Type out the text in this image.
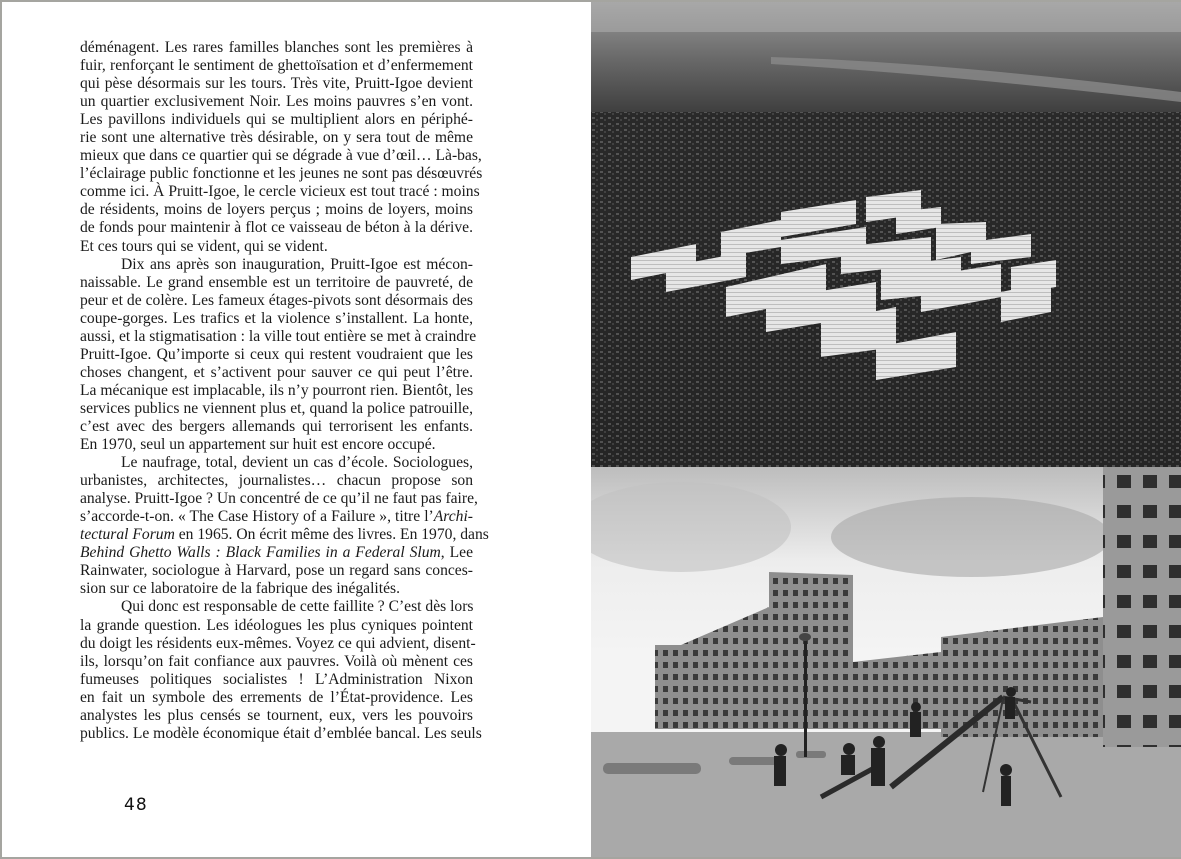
déménagent. Les rares familles blanches sont les premières à
fuir, renforçant le sentiment de ghettoïsation et d’enfermement
qui pèse désormais sur les tours. Très vite, Pruitt-Igoe devient
un quartier exclusivement Noir. Les moins pauvres s’en vont.
Les pavillons individuels qui se multiplient alors en périphé-
rie sont une alternative très désirable, on y sera tout de même
mieux que dans ce quartier qui se dégrade à vue d’œil… Là-bas,
l’éclairage public fonctionne et les jeunes ne sont pas désœuvrés
comme ici. À Pruitt-Igoe, le cercle vicieux est tout tracé : moins
de résidents, moins de loyers perçus ; moins de loyers, moins
de fonds pour maintenir à flot ce vaisseau de béton à la dérive.
Et ces tours qui se vident, qui se vident.

Dix ans après son inauguration, Pruitt-Igoe est mécon-
naissable. Le grand ensemble est un territoire de pauvreté, de
peur et de colère. Les fameux étages-pivots sont désormais des
coupe-gorges. Les trafics et la violence s’installent. La honte,
aussi, et la stigmatisation : la ville tout entière se met à craindre
Pruitt-Igoe. Qu’importe si ceux qui restent voudraient que les
choses changent, et s’activent pour sauver ce qui peut l’être.
La mécanique est implacable, ils n’y pourront rien. Bientôt, les
services publics ne viennent plus et, quand la police patrouille,
c’est avec des bergers allemands qui terrorisent les enfants.
En 1970, seul un appartement sur huit est encore occupé.

Le naufrage, total, devient un cas d’école. Sociologues,
urbanistes, architectes, journalistes… chacun propose son
analyse. Pruitt-Igoe ? Un concentré de ce qu’il ne faut pas faire,
s’accorde-t-on. « The Case History of a Failure », titre l’Archi-
tectural Forum en 1965. On écrit même des livres. En 1970, dans
Behind Ghetto Walls : Black Families in a Federal Slum, Lee
Rainwater, sociologue à Harvard, pose un regard sans conces-
sion sur ce laboratoire de la fabrique des inégalités.

Qui donc est responsable de cette faillite ? C’est dès lors
la grande question. Les idéologues les plus cyniques pointent
du doigt les résidents eux-mêmes. Voyez ce qui advient, disent-
ils, lorsqu’on fait confiance aux pauvres. Voilà où mènent ces
fumeuses politiques socialistes ! L’Administration Nixon
en fait un symbole des errements de l’État-providence. Les
analystes les plus censés se tournent, eux, vers les pouvoirs
publics. Le modèle économique était d’emblée bancal. Les seuls

48
